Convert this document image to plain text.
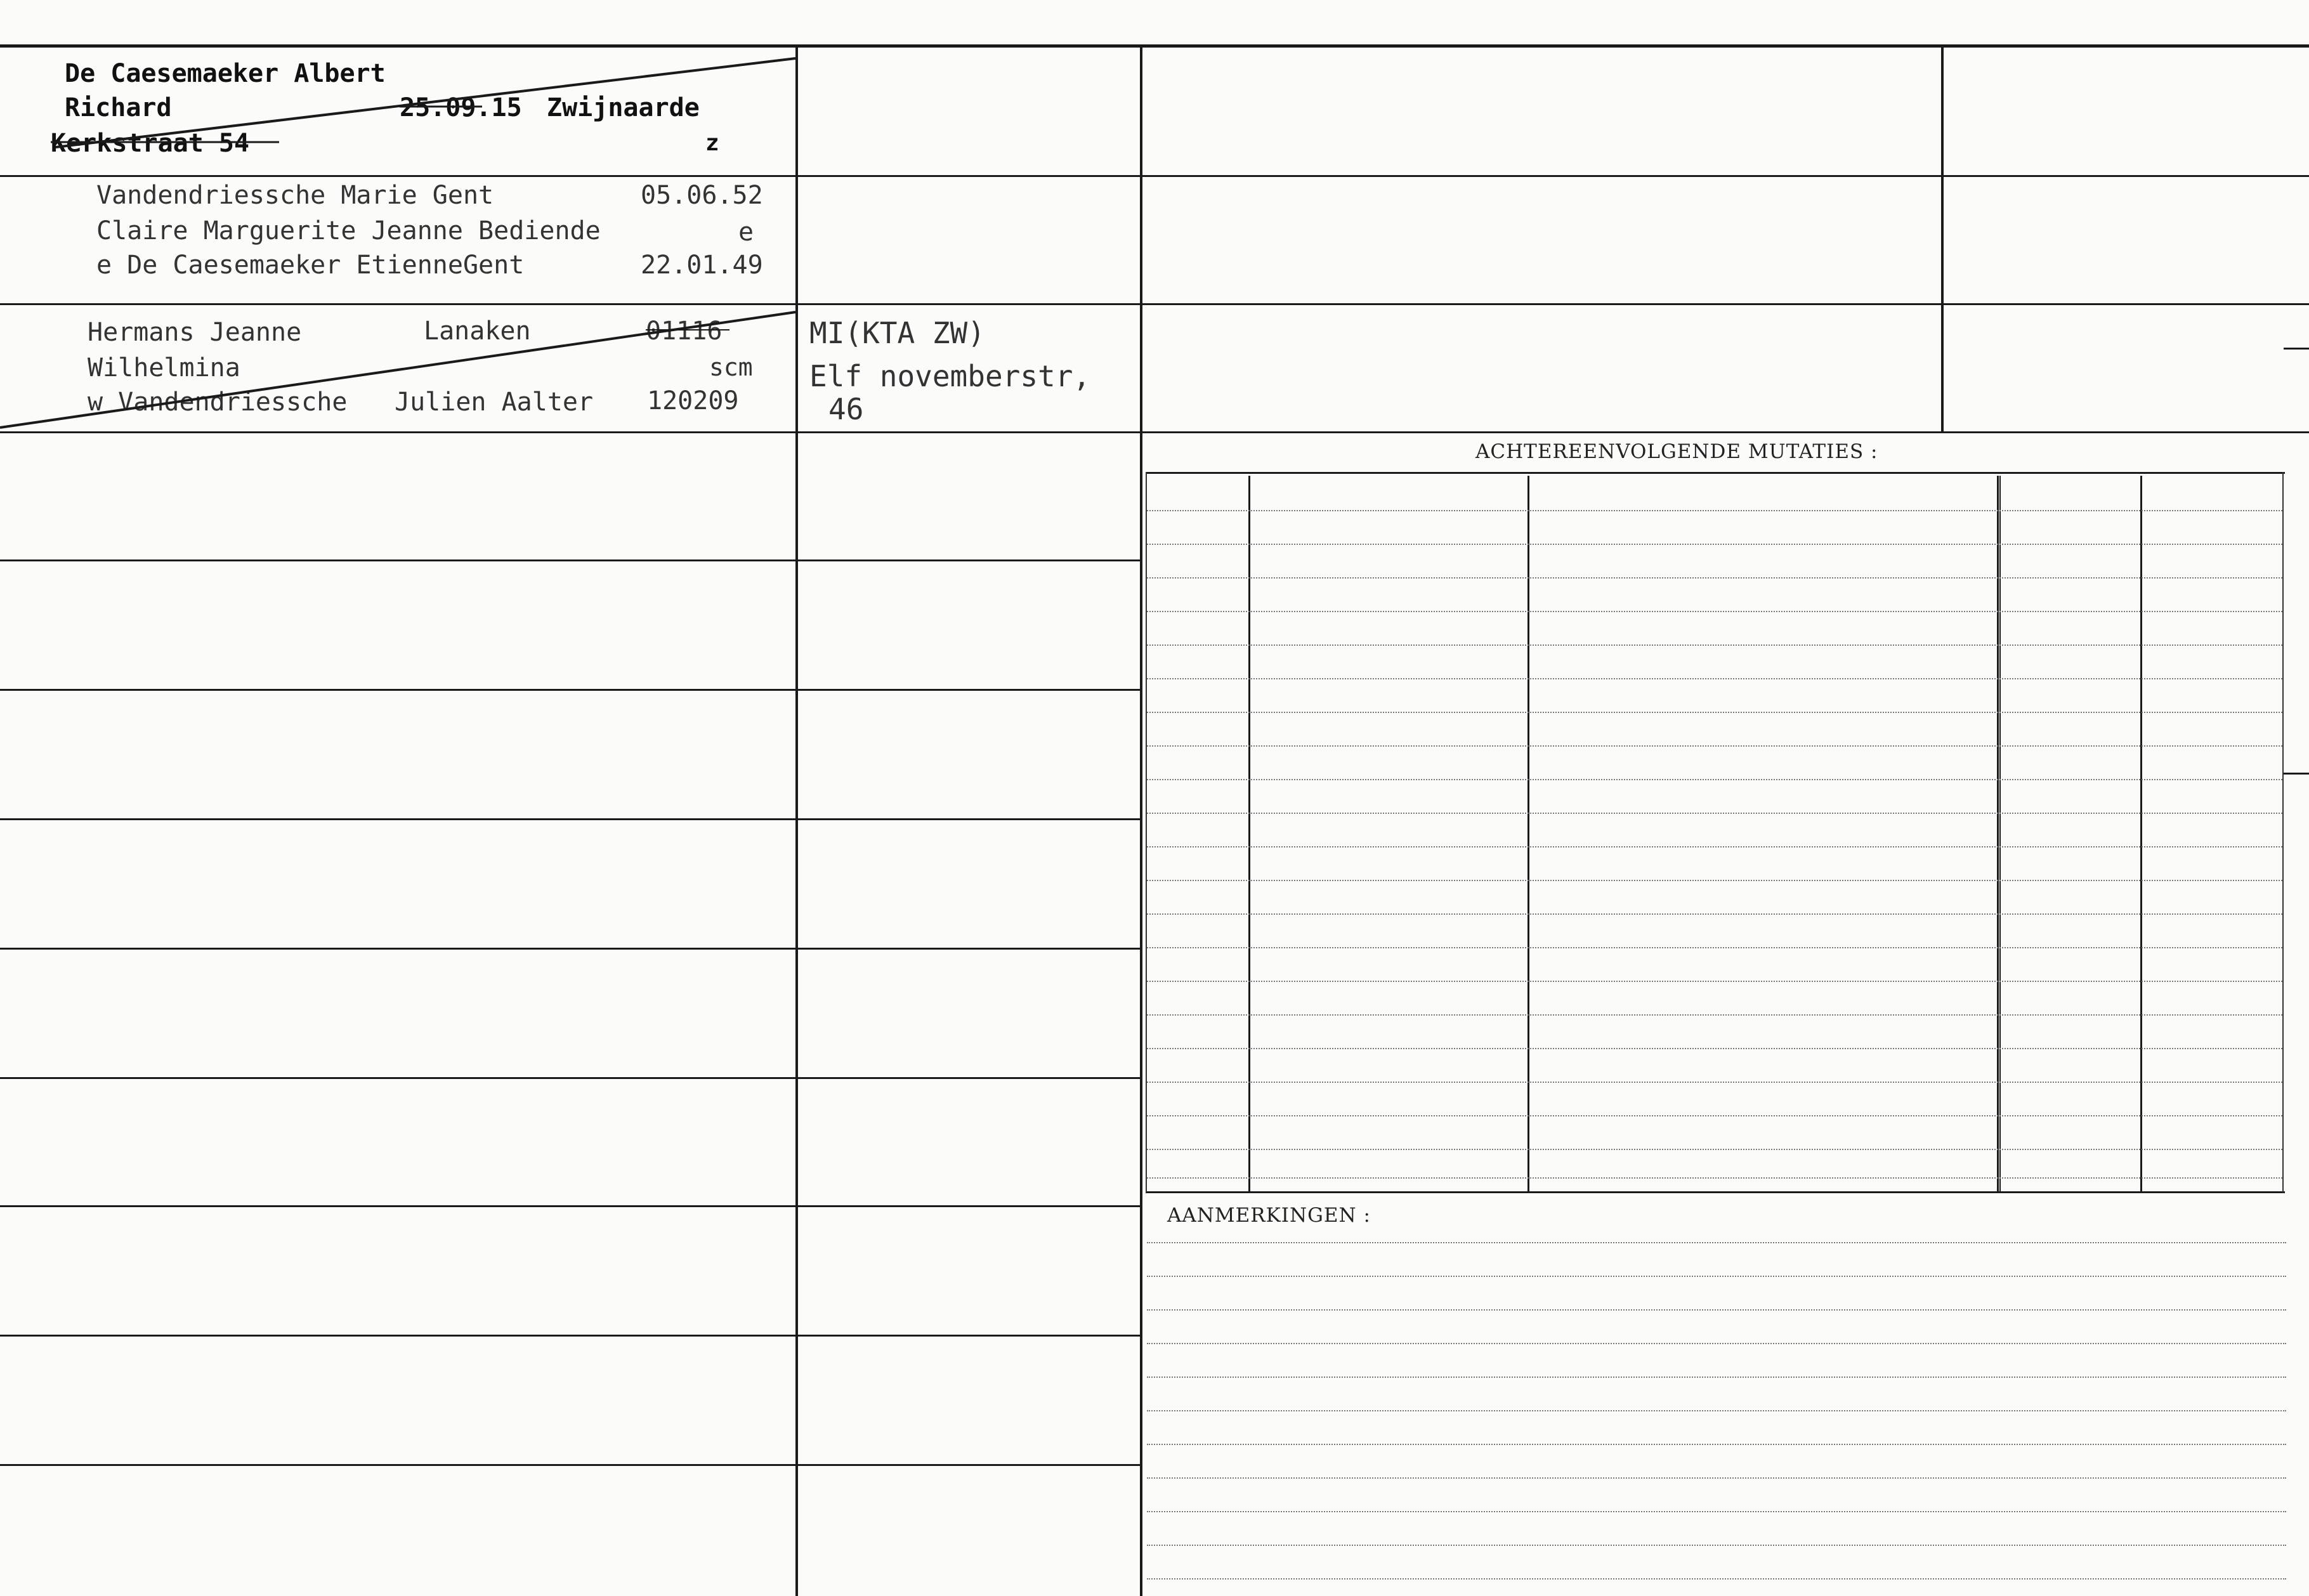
De Caesemaeker Albert
Richard	25.09.15 Zwijnaarde
Kerkstraat 54	z
Vandendriessche Marie Gent	05.06.52
Claire Marguerite Jeanne Bediende	e
e De Caesemaeker EtienneGent	22.01.49
Hermans Jeanne	Lanaken	01116
Wilhelmina	scm
w Vandendriessche Julien Aalter 120209
MI(KTA ZW)
Elf novemberstr,
46
ACHTEREENVOLGENDE MUTATIES :
AANMERKINGEN :
